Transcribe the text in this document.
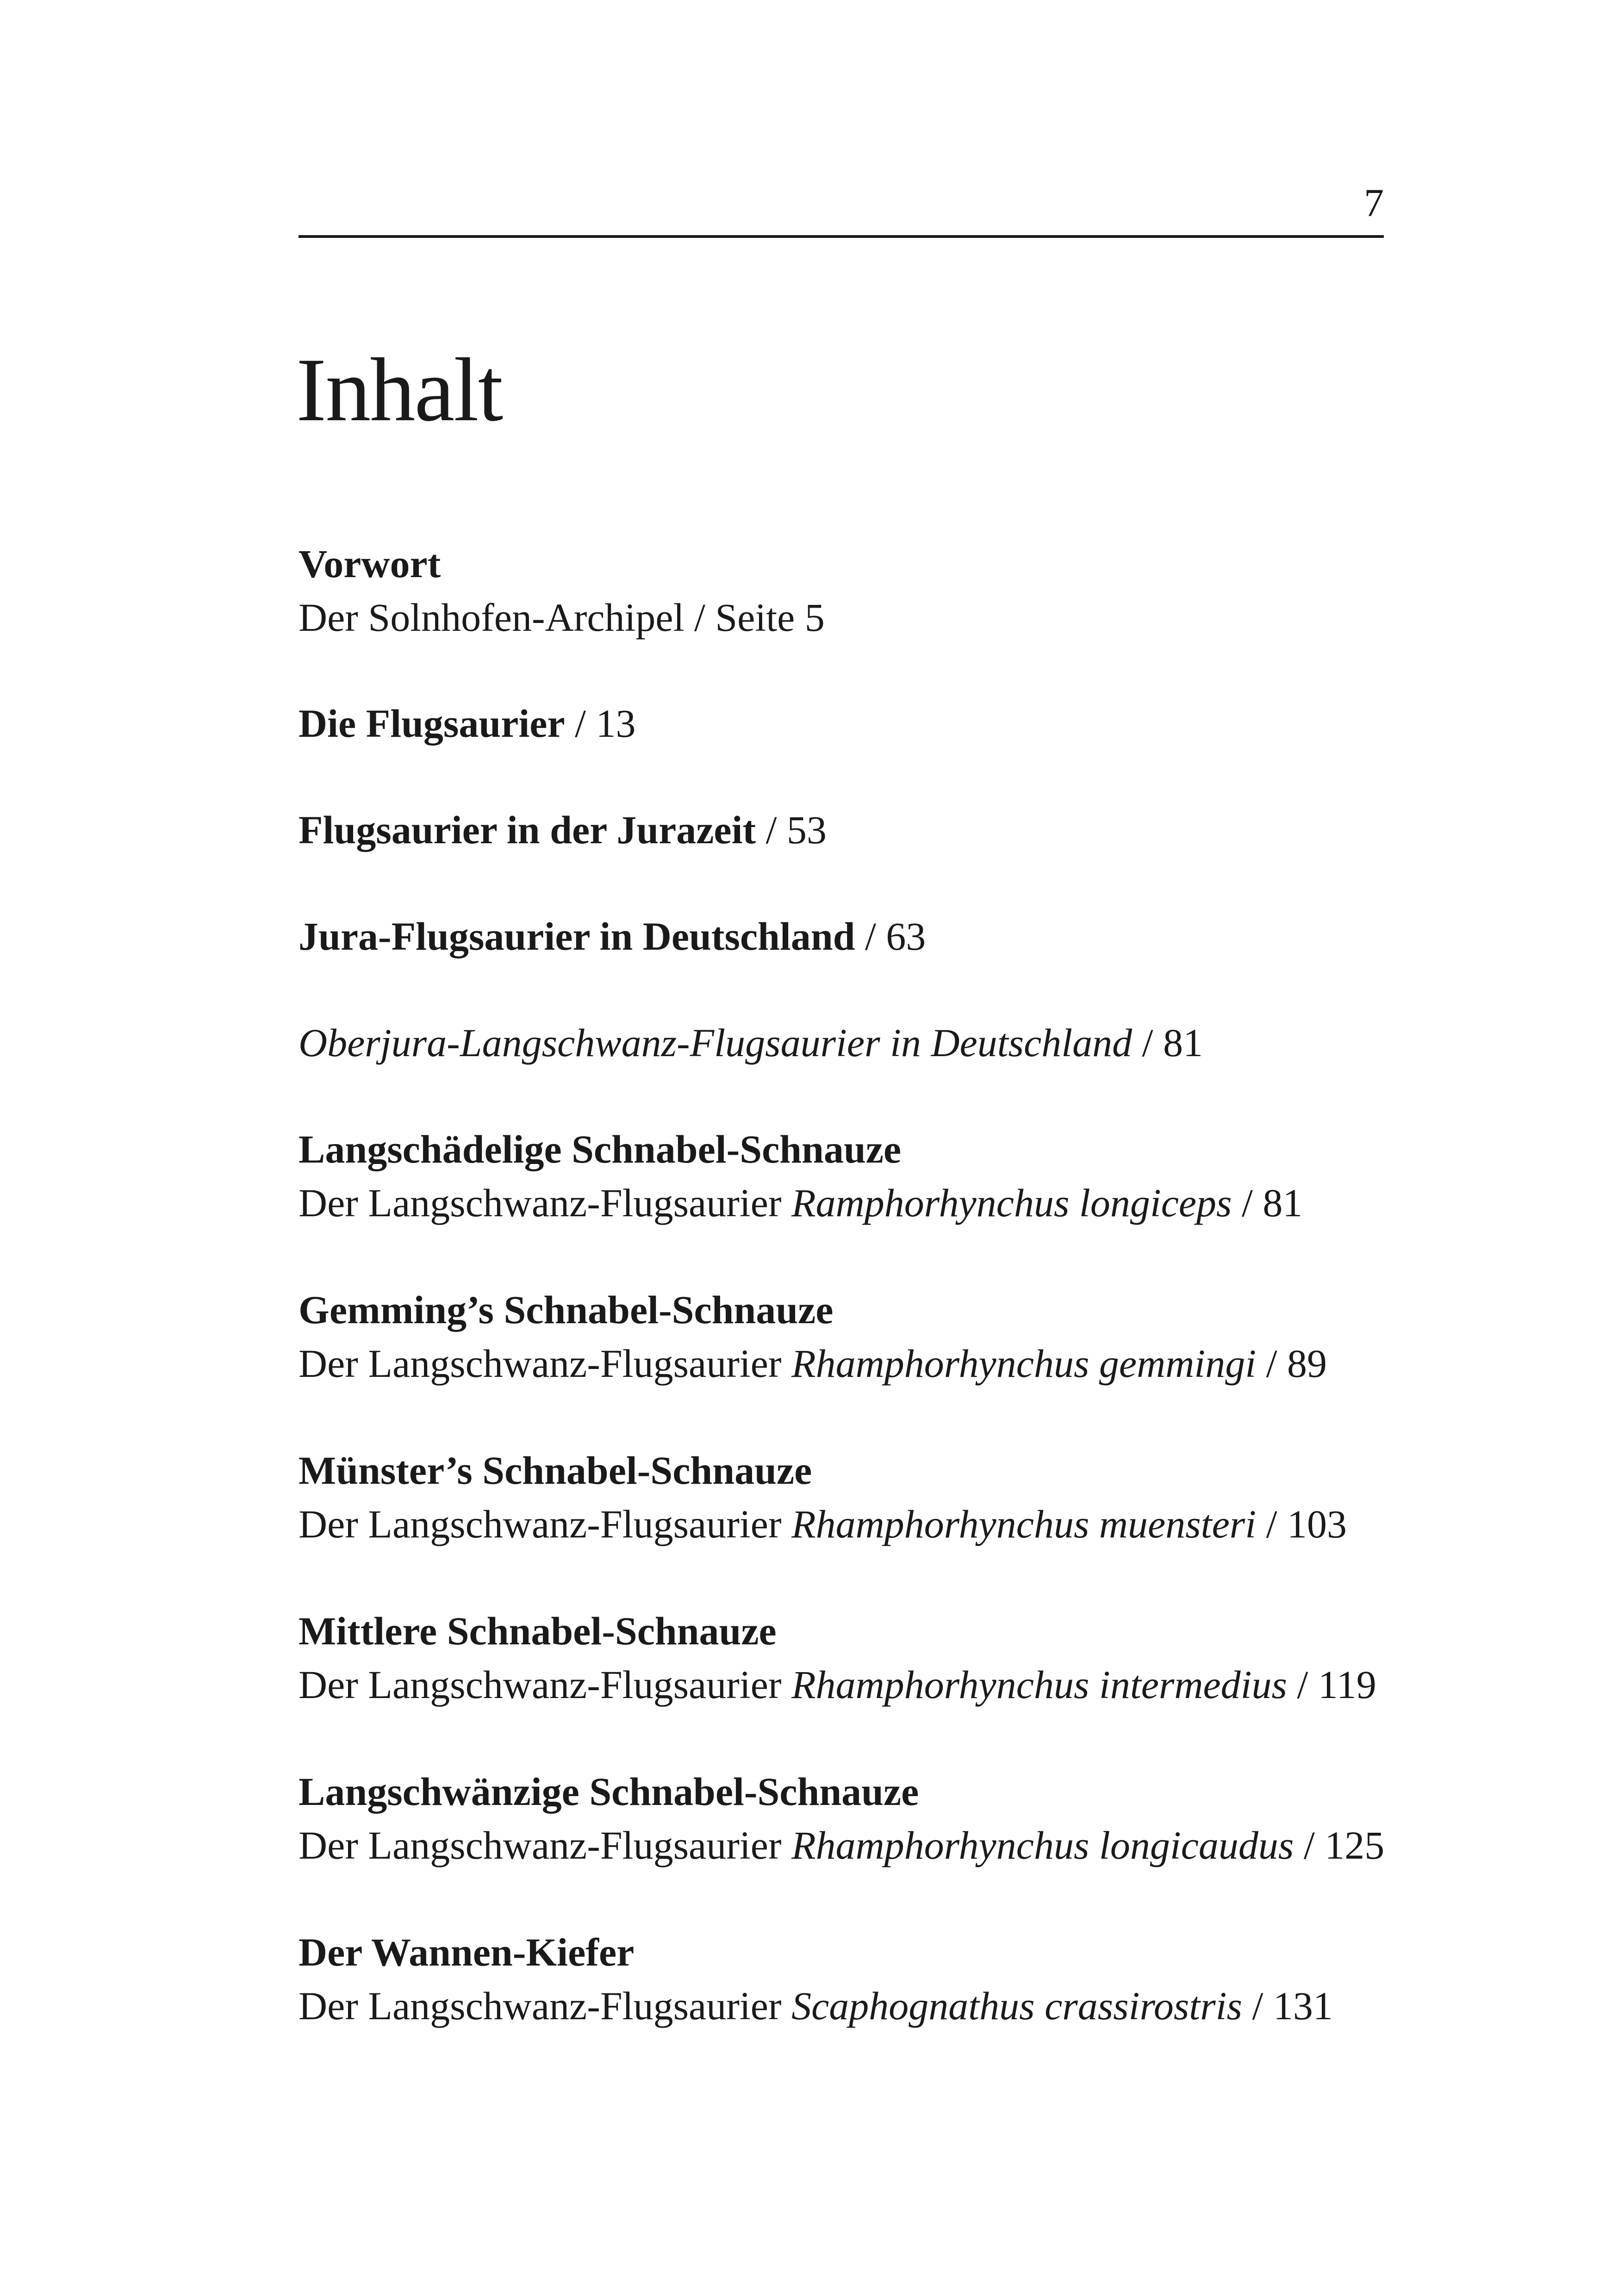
7
Inhalt
Vorwort
Der Solnhofen-Archipel / Seite 5
Die Flugsaurier / 13
Flugsaurier in der Jurazeit / 53
Jura-Flugsaurier in Deutschland / 63
Oberjura-Langschwanz-Flugsaurier in Deutschland / 81
Langschädelige Schnabel-Schnauze
Der Langschwanz-Flugsaurier Ramphorhynchus longiceps / 81
Gemming’s Schnabel-Schnauze
Der Langschwanz-Flugsaurier Rhamphorhynchus gemmingi / 89
Münster’s Schnabel-Schnauze
Der Langschwanz-Flugsaurier Rhamphorhynchus muensteri / 103
Mittlere Schnabel-Schnauze
Der Langschwanz-Flugsaurier Rhamphorhynchus intermedius / 119
Langschwänzige Schnabel-Schnauze
Der Langschwanz-Flugsaurier Rhamphorhynchus longicaudus / 125
Der Wannen-Kiefer
Der Langschwanz-Flugsaurier Scaphognathus crassirostris / 131
